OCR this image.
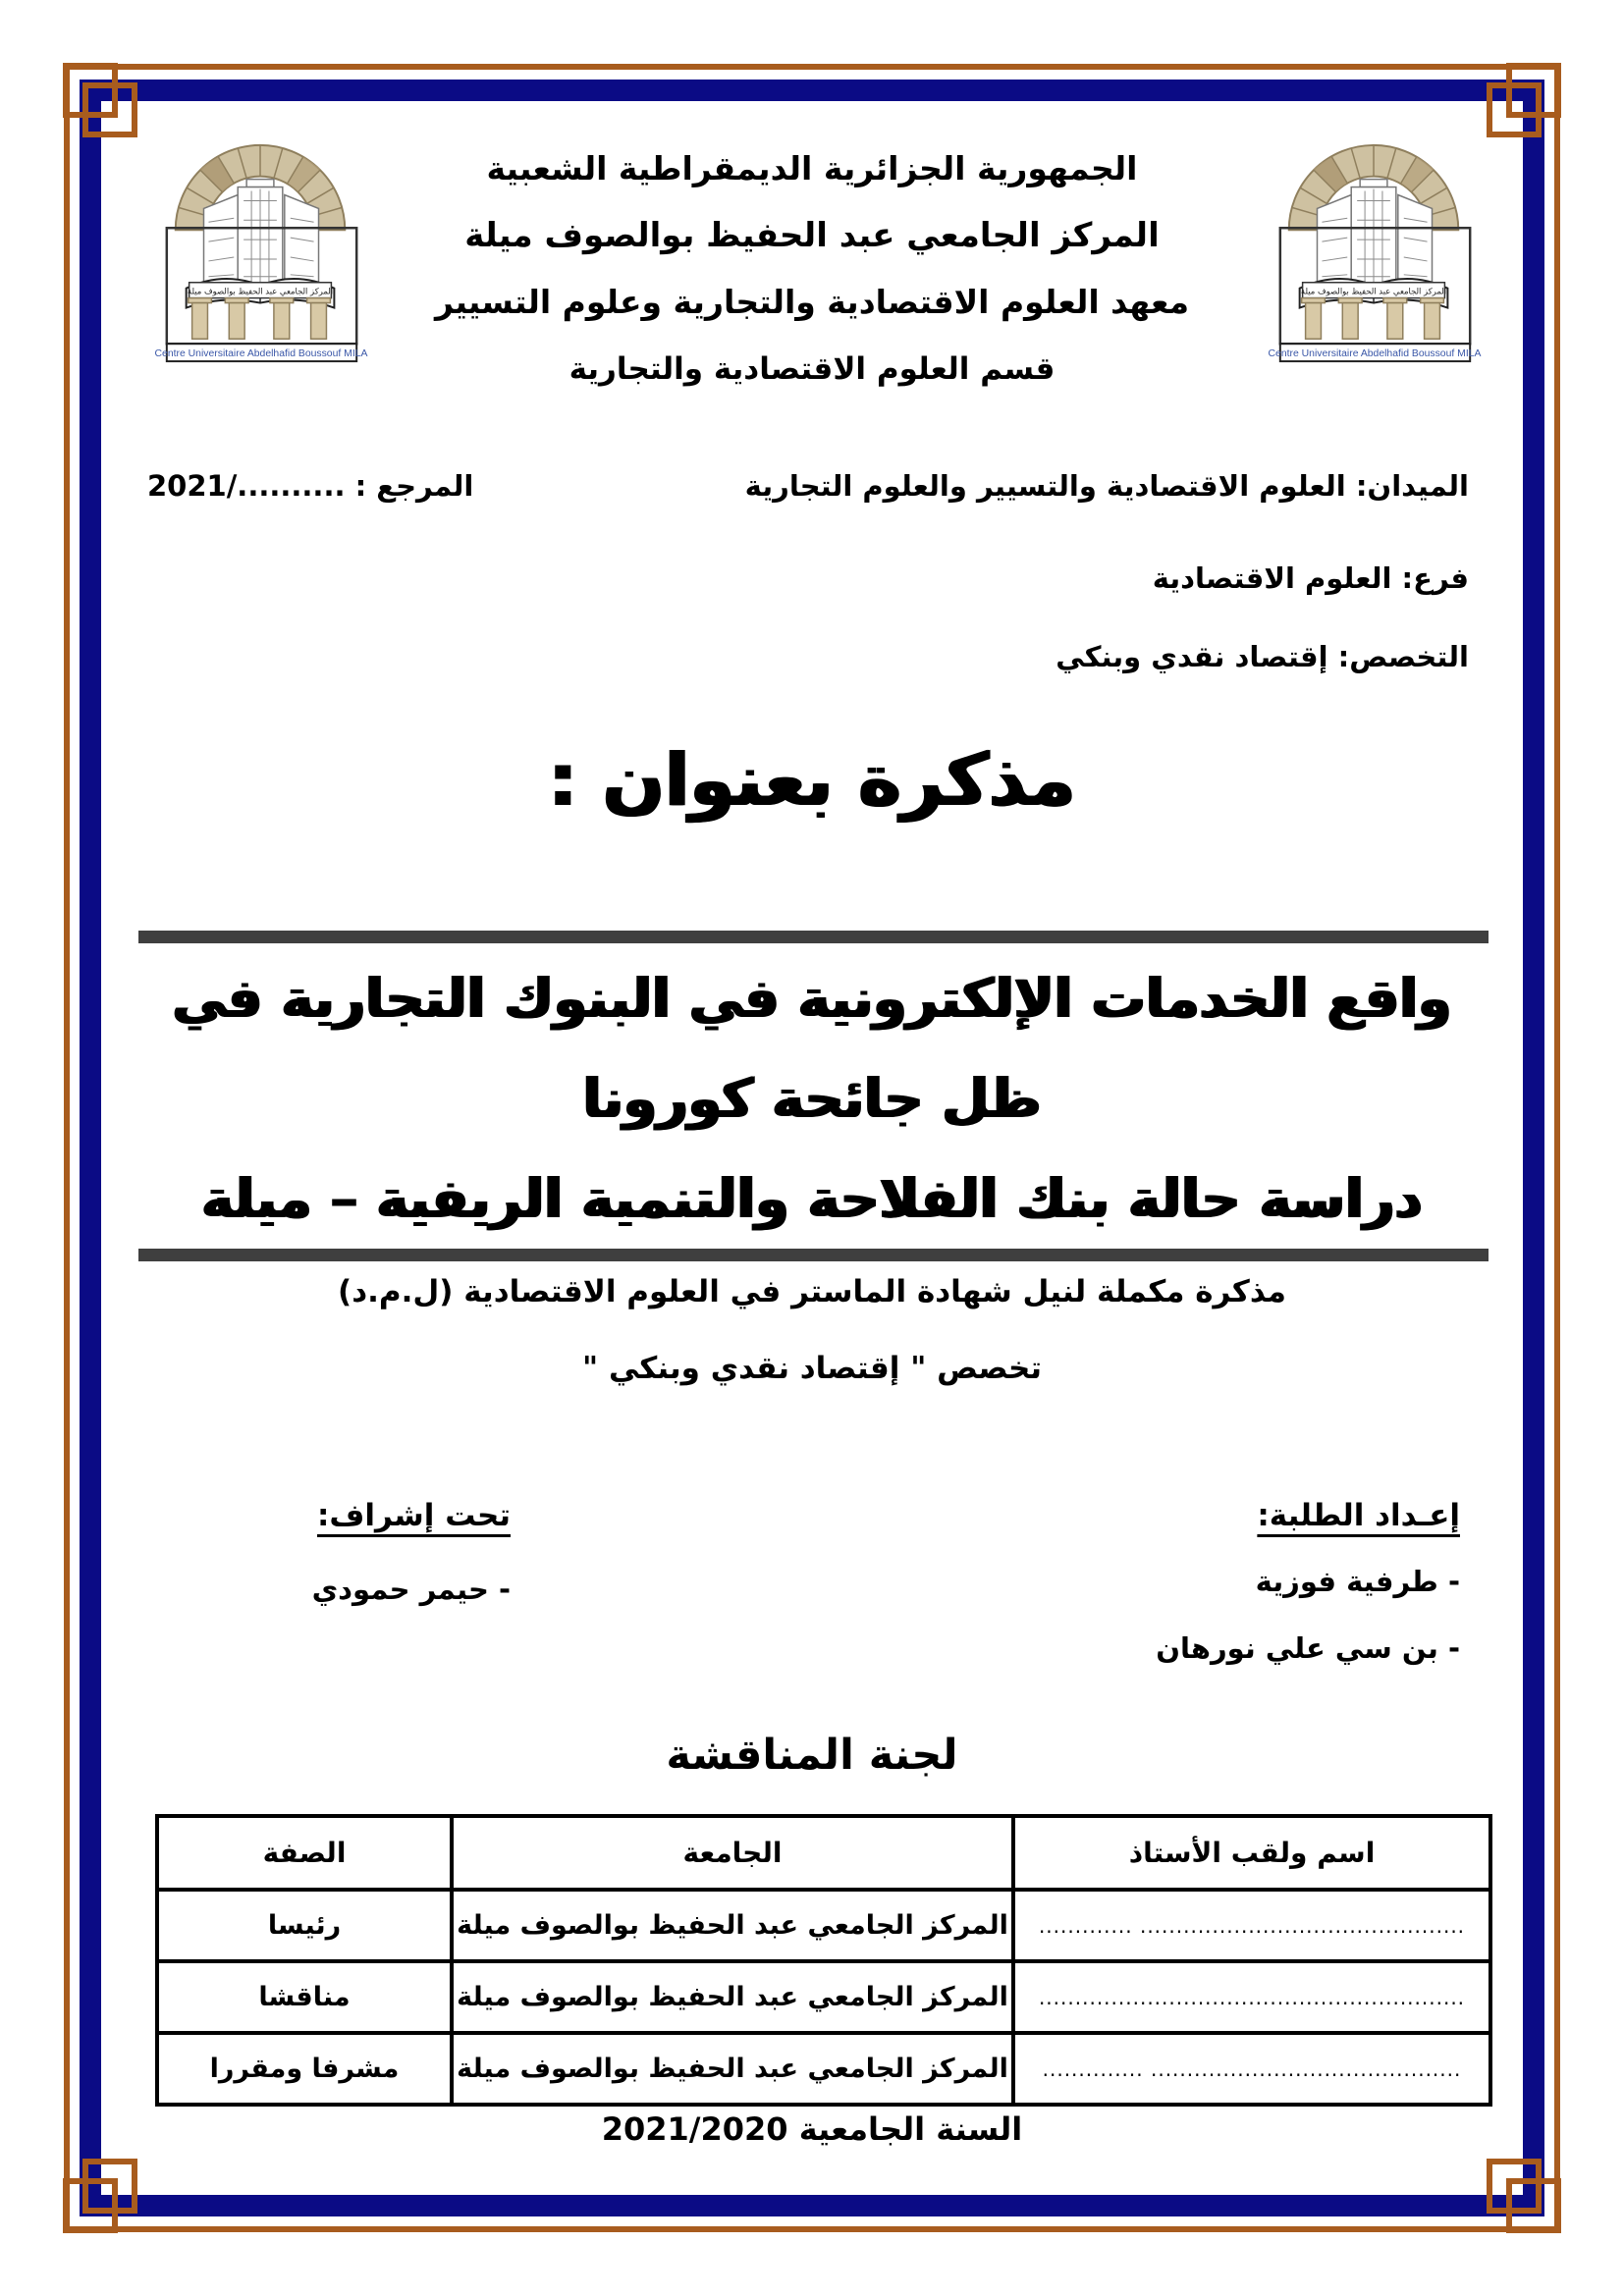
الجمهورية الجزائرية الديمقراطية الشعبية
المركز الجامعي عبد الحفيظ بوالصوف ميلة
معهد العلوم الاقتصادية والتجارية وعلوم التسيير
قسم العلوم الاقتصادية والتجارية
الميدان: العلوم الاقتصادية والتسيير والعلوم التجارية
المرجع : ........../2021
فرع: العلوم الاقتصادية
التخصص: إقتصاد نقدي وبنكي
مذكرة بعنوان :
واقع الخدمات الإلكترونية في البنوك التجارية في
ظل جائحة كورونا
دراسة حالة بنك الفلاحة والتنمية الريفية – ميلة
مذكرة مكملة لنيل شهادة الماستر في العلوم الاقتصادية (ل.م.د)
تخصص " إقتصاد نقدي وبنكي "
إعـداد الطلبة:
- طرفية فوزية
- بن سي علي نورهان
تحت إشراف:
- حيمر حمودي
لجنة المناقشة
اسم ولقب الأستاذ	الجامعة	الصفة
............................................. .............	المركز الجامعي عبد الحفيظ بوالصوف ميلة	رئيسا
...........................................................	المركز الجامعي عبد الحفيظ بوالصوف ميلة	مناقشا
........................................... ..............	المركز الجامعي عبد الحفيظ بوالصوف ميلة	مشرفا ومقررا
السنة الجامعية 2021/2020
